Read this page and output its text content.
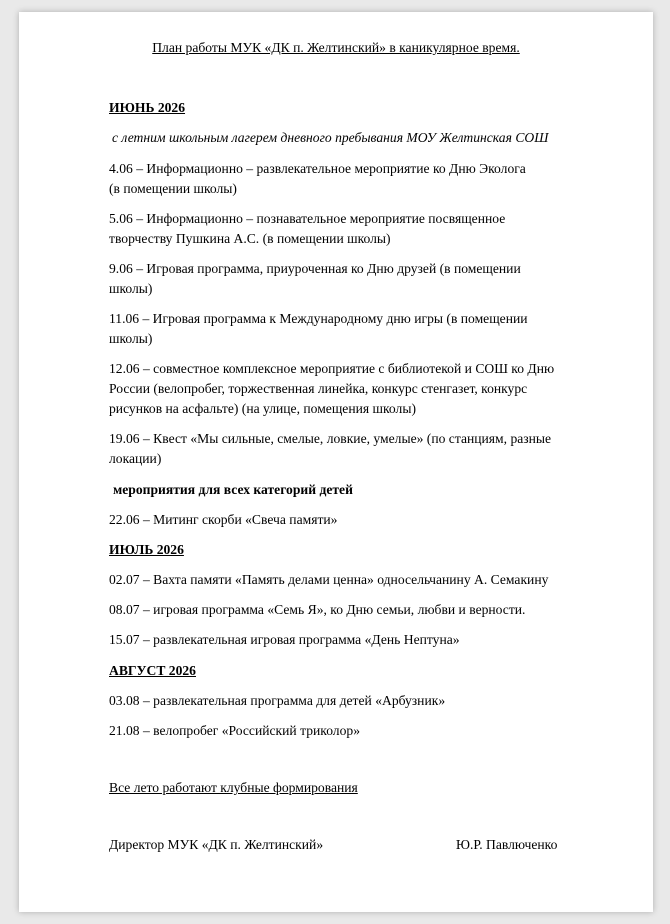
План работы МУК «ДК п. Желтинский» в каникулярное время.

ИЮНЬ 2026

с летним школьным лагерем дневного пребывания МОУ Желтинская СОШ

4.06 – Информационно – развлекательное мероприятие ко Дню Эколога
(в помещении школы)
5.06 – Информационно – познавательное мероприятие посвященное
творчеству Пушкина А.С. (в помещении школы)
9.06 – Игровая программа, приуроченная ко Дню друзей (в помещении
школы)
11.06 – Игровая программа к Международному дню игры (в помещении
школы)
12.06 – совместное комплексное мероприятие с библиотекой и СОШ ко Дню
России (велопробег, торжественная линейка, конкурс стенгазет, конкурс
рисунков на асфальте) (на улице, помещения школы)
19.06 – Квест «Мы сильные, смелые, ловкие, умелые» (по станциям, разные
локации)

мероприятия для всех категорий детей

22.06 – Митинг скорби «Свеча памяти»

ИЮЛЬ 2026

02.07 – Вахта памяти «Память делами ценна» односельчанину А. Семакину

08.07 – игровая программа «Семь Я», ко Дню семьи, любви и верности.

15.07 – развлекательная игровая программа «День Нептуна»

АВГУСТ 2026

03.08 – развлекательная программа для детей «Арбузник»

21.08 – велопробег «Российский триколор»

Все лето работают клубные формирования

Директор МУК «ДК п. Желтинский»	Ю.Р. Павлюченко
